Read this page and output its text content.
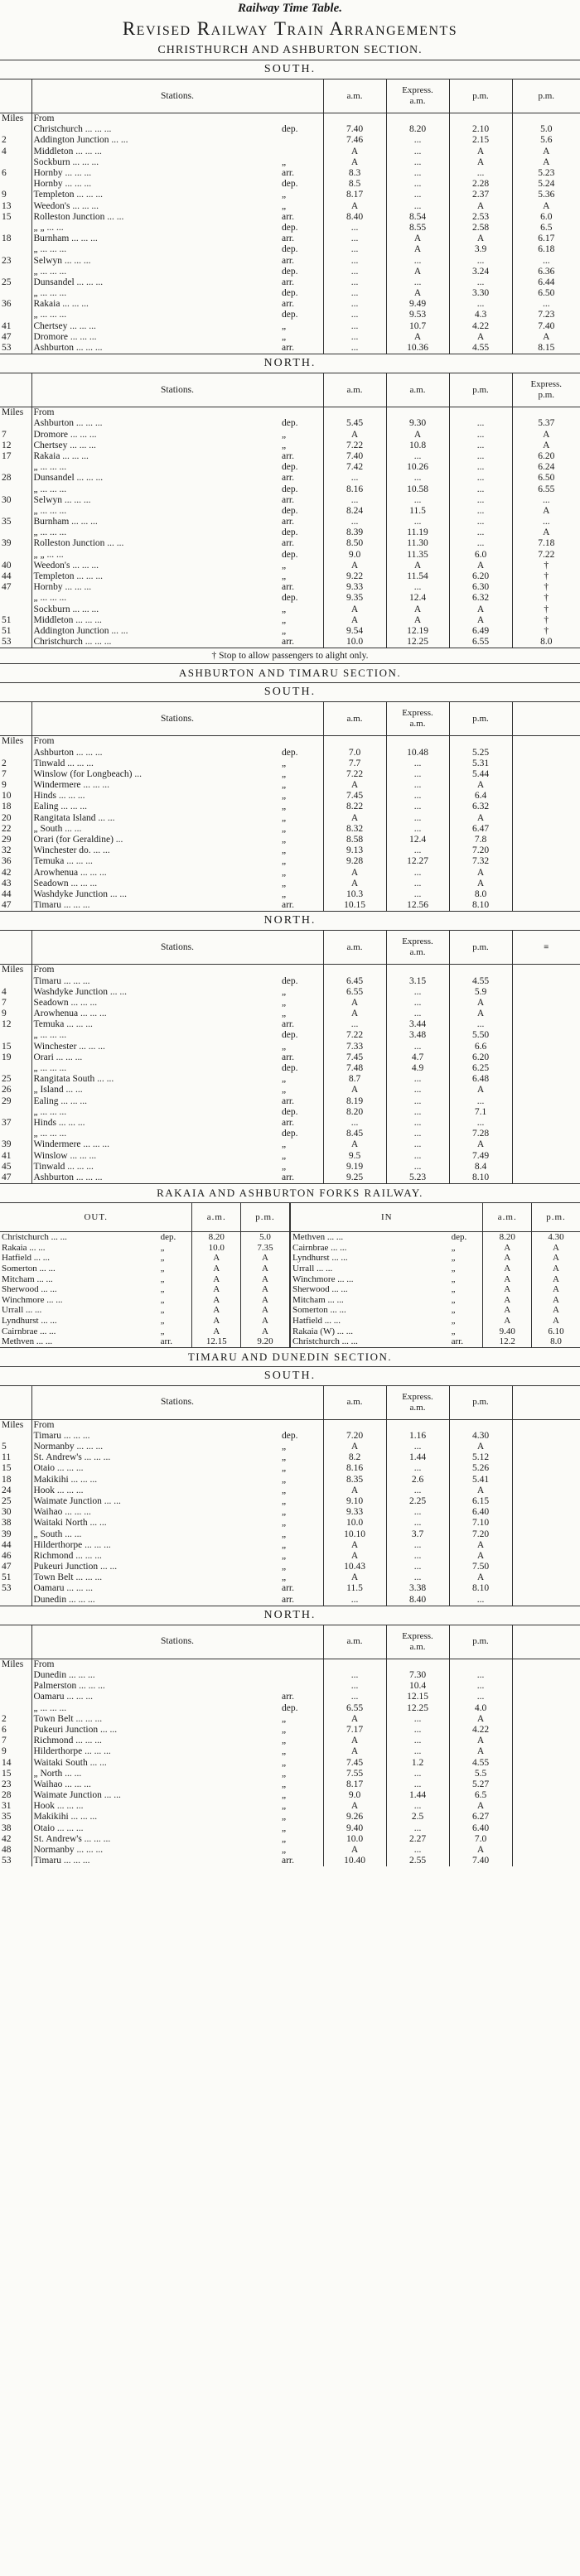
Railway Time Table.
Revised Railway Train Arrangements
CHRISTHURCH AND ASHBURTON SECTION.
SOUTH.
	Stations.		a.m.	Express.
a.m.	p.m.	p.m.

Miles	From					
	Christchurch ... ... ...	dep.	7.40	8.20	2.10	5.0
2	Addington Junction ... ...		7.46	...	2.15	5.6
4	Middleton ... ... ...		A	...	A	A
	Sockburn ... ... ...	„	A	...	A	A
6	Hornby ... ... ...	arr.	8.3	...	...	5.23
	Hornby ... ... ...	dep.	8.5	...	2.28	5.24
9	Templeton ... ... ...	„	8.17	...	2.37	5.36
13	Weedon's ... ... ...	„	A	...	A	A
15	Rolleston Junction ... ...	arr.	8.40	8.54	2.53	6.0
	„ „ ... ...	dep.	...	8.55	2.58	6.5
18	Burnham ... ... ...	arr.	...	A	A	6.17
	„ ... ... ...	dep.	...	A	3.9	6.18
23	Selwyn ... ... ...	arr.	...	...	...	...
	„ ... ... ...	dep.	...	A	3.24	6.36
25	Dunsandel ... ... ...	arr.	...	...	...	6.44
	„ ... ... ...	dep.	...	A	3.30	6.50
36	Rakaia ... ... ...	arr.	...	9.49	...	...
	„ ... ... ...	dep.	...	9.53	4.3	7.23
41	Chertsey ... ... ...	„	...	10.7	4.22	7.40
47	Dromore ... ... ...	„	...	A	A	A
53	Ashburton ... ... ...	arr.	...	10.36	4.55	8.15
NORTH.
	Stations.		a.m.	a.m.	p.m.	Express.
p.m.

Miles	From					
	Ashburton ... ... ...	dep.	5.45	9.30	...	5.37
7	Dromore ... ... ...	„	A	A	...	A
12	Chertsey ... ... ...	„	7.22	10.8	...	A
17	Rakaia ... ... ...	arr.	7.40	...	...	6.20
	„ ... ... ...	dep.	7.42	10.26	...	6.24
28	Dunsandel ... ... ...	arr.	...	...	...	6.50
	„ ... ... ...	dep.	8.16	10.58	...	6.55
30	Selwyn ... ... ...	arr.	...	...	...	...
	„ ... ... ...	dep.	8.24	11.5	...	A
35	Burnham ... ... ...	arr.	...	...	...	...
	„ ... ... ...	dep.	8.39	11.19	...	A
39	Rolleston Junction ... ...	arr.	8.50	11.30	...	7.18
	„ „ ... ...	dep.	9.0	11.35	6.0	7.22
40	Weedon's ... ... ...	„	A	A	A	†
44	Templeton ... ... ...	„	9.22	11.54	6.20	†
47	Hornby ... ... ...	arr.	9.33	...	6.30	†
	„ ... ... ...	dep.	9.35	12.4	6.32	†
	Sockburn ... ... ...	„	A	A	A	†
51	Middleton ... ... ...	„	A	A	A	†
51	Addington Junction ... ...	„	9.54	12.19	6.49	†
53	Christchurch ... ... ...	arr.	10.0	12.25	6.55	8.0
† Stop to allow passengers to alight only.
ASHBURTON AND TIMARU SECTION.
SOUTH.
	Stations.		a.m.	Express.
a.m.	p.m.	

Miles	From					
	Ashburton ... ... ...	dep.	7.0	10.48	5.25	
2	Tinwald ... ... ...	„	7.7	...	5.31	
7	Winslow (for Longbeach) ...	„	7.22	...	5.44	
9	Windermere ... ... ...	„	A	...	A	
10	Hinds ... ... ...	„	7.45	...	6.4	
18	Ealing ... ... ...	„	8.22	...	6.32	
20	Rangitata Island ... ...	„	A	...	A	
22	„ South ... ...	„	8.32	...	6.47	
29	Orari (for Geraldine) ...	„	8.58	12.4	7.8	
32	Winchester do. ... ...	„	9.13	...	7.20	
36	Temuka ... ... ...	„	9.28	12.27	7.32	
42	Arowhenua ... ... ...	„	A	...	A	
43	Seadown ... ... ...	„	A	...	A	
44	Washdyke Junction ... ...	„	10.3	...	8.0	
47	Timaru ... ... ...	arr.	10.15	12.56	8.10	
NORTH.
	Stations.		a.m.	Express.
a.m.	p.m.	≡

Miles	From					
	Timaru ... ... ...	dep.	6.45	3.15	4.55	
4	Washdyke Junction ... ...	„	6.55	...	5.9	
7	Seadown ... ... ...	„	A	...	A	
9	Arowhenua ... ... ...	„	A	...	A	
12	Temuka ... ... ...	arr.	...	3.44	...	
	„ ... ... ...	dep.	7.22	3.48	5.50	
15	Winchester ... ... ...	„	7.33	...	6.6	
19	Orari ... ... ...	arr.	7.45	4.7	6.20	
	„ ... ... ...	dep.	7.48	4.9	6.25	
25	Rangitata South ... ...	„	8.7	...	6.48	
26	„ Island ... ...	„	A	...	A	
29	Ealing ... ... ...	arr.	8.19	...	...	
	„ ... ... ...	dep.	8.20	...	7.1	
37	Hinds ... ... ...	arr.	...	...	...	
	„ ... ... ...	dep.	8.45	...	7.28	
39	Windermere ... ... ...	„	A	...	A	
41	Winslow ... ... ...	„	9.5	...	7.49	
45	Tinwald ... ... ...	„	9.19	...	8.4	
47	Ashburton ... ... ...	arr.	9.25	5.23	8.10	
RAKAIA AND ASHBURTON FORKS RAILWAY.
OUT.		a.m.	p.m.
Christchurch ... ...	dep.	8.20	5.0
Rakaia ... ...	„	10.0	7.35
Hatfield ... ...	„	A	A
Somerton ... ...	„	A	A
Mitcham ... ...	„	A	A
Sherwood ... ...	„	A	A
Winchmore ... ...	„	A	A
Urrall ... ...	„	A	A
Lyndhurst ... ...	„	A	A
Cairnbrae ... ...	„	A	A
Methven ... ...	arr.	12.15	9.20
IN		a.m.	p.m.
Methven ... ...	dep.	8.20	4.30
Cairnbrae ... ...	„	A	A
Lyndhurst ... ...	„	A	A
Urrall ... ...	„	A	A
Winchmore ... ...	„	A	A
Sherwood ... ...	„	A	A
Mitcham ... ...	„	A	A
Somerton ... ...	„	A	A
Hatfield ... ...	„	A	A
Rakaia (W) ... ...	„	9.40	6.10
Christchurch ... ...	arr.	12.2	8.0
TIMARU AND DUNEDIN SECTION.
SOUTH.
	Stations.		a.m.	Express.
a.m.	p.m.	

Miles	From					
	Timaru ... ... ...	dep.	7.20	1.16	4.30	
5	Normanby ... ... ...	„	A	...	A	
11	St. Andrew's ... ... ...	„	8.2	1.44	5.12	
15	Otaio ... ... ...	„	8.16	...	5.26	
18	Makikihi ... ... ...	„	8.35	2.6	5.41	
24	Hook ... ... ...	„	A	...	A	
25	Waimate Junction ... ...	„	9.10	2.25	6.15	
30	Waihao ... ... ...	„	9.33	...	6.40	
38	Waitaki North ... ...	„	10.0	...	7.10	
39	„ South ... ...	„	10.10	3.7	7.20	
44	Hilderthorpe ... ... ...	„	A	...	A	
46	Richmond ... ... ...	„	A	...	A	
47	Pukeuri Junction ... ...	„	10.43	...	7.50	
51	Town Belt ... ... ...	„	A	...	A	
53	Oamaru ... ... ...	arr.	11.5	3.38	8.10	
	Dunedin ... ... ...	arr.	...	8.40	...	
NORTH.
	Stations.		a.m.	Express.
a.m.	p.m.	

Miles	From					
	Dunedin ... ... ...		...	7.30	...	
	Palmerston ... ... ...		...	10.4	...	
	Oamaru ... ... ...	arr.	...	12.15	...	
	„ ... ... ...	dep.	6.55	12.25	4.0	
2	Town Belt ... ... ...	„	A	...	A	
6	Pukeuri Junction ... ...	„	7.17	...	4.22	
7	Richmond ... ... ...	„	A	...	A	
9	Hilderthorpe ... ... ...	„	A	...	A	
14	Waitaki South ... ...	„	7.45	1.2	4.55	
15	„ North ... ...	„	7.55	...	5.5	
23	Waihao ... ... ...	„	8.17	...	5.27	
28	Waimate Junction ... ...	„	9.0	1.44	6.5	
31	Hook ... ... ...	„	A	...	A	
35	Makikihi ... ... ...	„	9.26	2.5	6.27	
38	Otaio ... ... ...	„	9.40	...	6.40	
42	St. Andrew's ... ... ...	„	10.0	2.27	7.0	
48	Normanby ... ... ...	„	A	...	A	
53	Timaru ... ... ...	arr.	10.40	2.55	7.40	
